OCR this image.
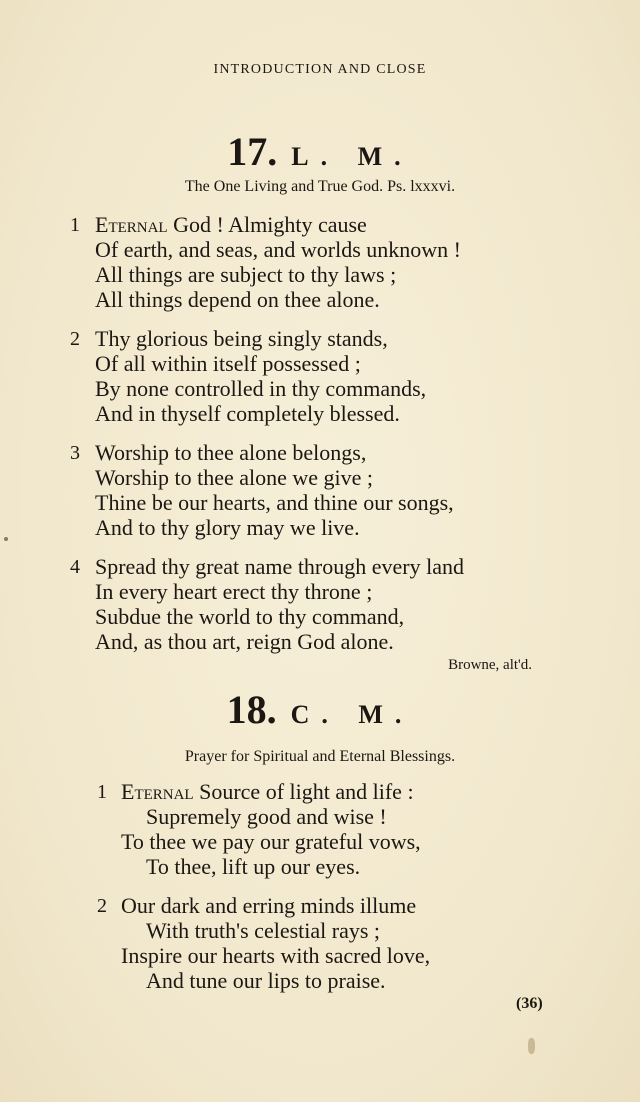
INTRODUCTION AND CLOSE
17. L. M.
The One Living and True God. Ps. lxxxvi.
1 Eternal God ! Almighty cause
Of earth, and seas, and worlds unknown !
All things are subject to thy laws ;
All things depend on thee alone.
2 Thy glorious being singly stands,
Of all within itself possessed ;
By none controlled in thy commands,
And in thyself completely blessed.
3 Worship to thee alone belongs,
Worship to thee alone we give ;
Thine be our hearts, and thine our songs,
And to thy glory may we live.
4 Spread thy great name through every land
In every heart erect thy throne ;
Subdue the world to thy command,
And, as thou art, reign God alone.
Browne, alt'd.
18. C. M.
Prayer for Spiritual and Eternal Blessings.
1 Eternal Source of light and life :
Supremely good and wise !
To thee we pay our grateful vows,
To thee, lift up our eyes.
2 Our dark and erring minds illume
With truth's celestial rays ;
Inspire our hearts with sacred love,
And tune our lips to praise.
(36)
